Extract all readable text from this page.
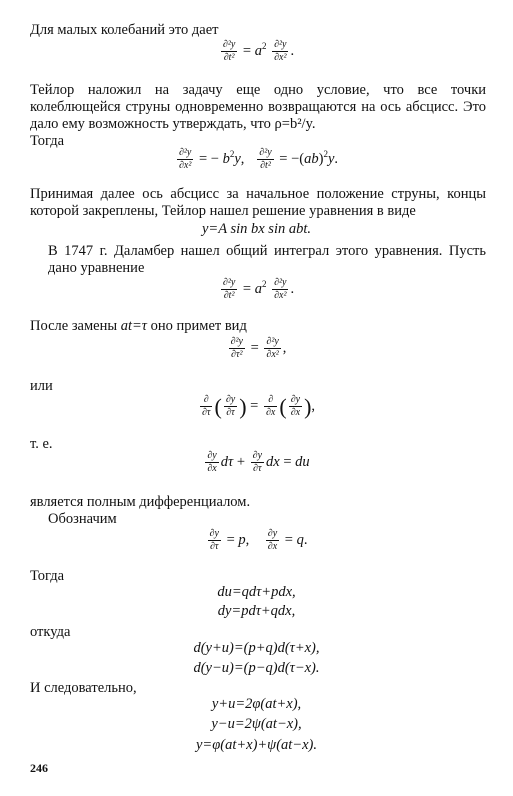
Для малых колебаний это дает
$\frac{\text{∂²y}}{\text{∂t²}} = a^2 \frac{\text{∂²y}}{\text{∂x²}}$ .
Тейлор наложил на задачу еще одно условие, что все точки колеблющейся струны одновременно возвращаются на ось абсцисс. Это дало ему возможность утверждать, что ρ=b²/y.
Тогда
$\frac{\text{∂²y}}{\text{∂x²}}$ = − $b^2y$, $\frac{\text{∂²y}}{\text{∂t²}} = -(ab)^2y$.
Принимая далее ось абсцисс за начальное положение струны, концы которой закреплены, Тейлор нашел решение уравнения в виде
y=A sin bx sin abt.
В 1747 г. Даламбер нашел общий интеграл этого уравнения. Пусть дано уравнение
$\frac{\text{∂²y}}{\text{∂t²}} = a^2 \frac{\text{∂²y}}{\text{∂x²}}$ .
После замены at=τ оно примет вид
$\frac{\text{∂²y}}{\text{∂τ²}} = \frac{\text{∂²y}}{\text{∂x²}}$ ,
или
$\frac{\partial}{\partial\tau}$ ( $\frac{\partial y}{\partial\tau}$ ) = $\frac{\partial}{\partial x}$ ( $\frac{\partial y}{\partial x}$ ),
т. е.
$\frac{\partial y}{\partial x}$ $d\tau + \frac{\partial y}{\partial\tau}$ dx = du
является полным дифференциалом.
Обозначим
$\frac{\partial y}{\partial\tau} = p$, $\frac{\partial y}{\partial x} = q$.
Тогда
du=qdτ+pdx,
dy=pdτ+qdx,
откуда
d(y+u)=(p+q)d(τ+x),
d(y−u)=(p−q)d(τ−x).
И следовательно,
y+u=2φ(at+x),
y−u=2ψ(at−x),
y=φ(at+x)+ψ(at−x).
246
